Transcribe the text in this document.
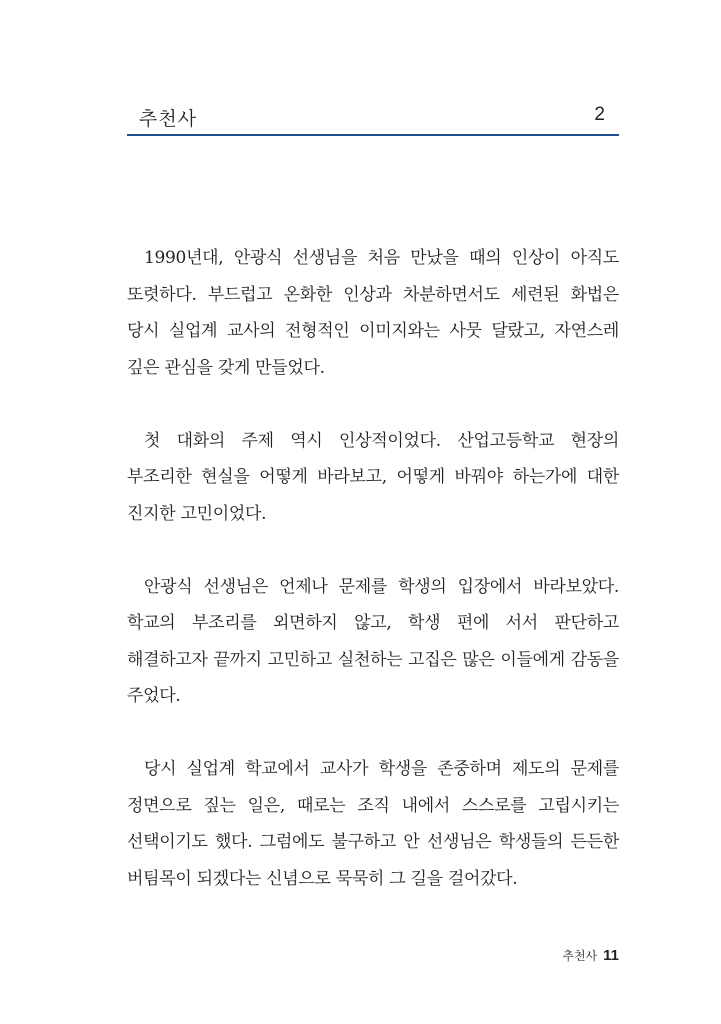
추천사	2

1990년대, 안광식 선생님을 처음 만났을 때의 인상이 아직도 또렷하다. 부드럽고 온화한 인상과 차분하면서도 세련된 화법은 당시 실업계 교사의 전형적인 이미지와는 사뭇 달랐고, 자연스레 깊은 관심을 갖게 만들었다.

첫 대화의 주제 역시 인상적이었다. 산업고등학교 현장의 부조리한 현실을 어떻게 바라보고, 어떻게 바꿔야 하는가에 대한 진지한 고민이었다.

안광식 선생님은 언제나 문제를 학생의 입장에서 바라보았다. 학교의 부조리를 외면하지 않고, 학생 편에 서서 판단하고 해결하고자 끝까지 고민하고 실천하는 고집은 많은 이들에게 감동을 주었다.

당시 실업계 학교에서 교사가 학생을 존중하며 제도의 문제를 정면으로 짚는 일은, 때로는 조직 내에서 스스로를 고립시키는 선택이기도 했다. 그럼에도 불구하고 안 선생님은 학생들의 든든한 버팀목이 되겠다는 신념으로 묵묵히 그 길을 걸어갔다.

추천사 11
